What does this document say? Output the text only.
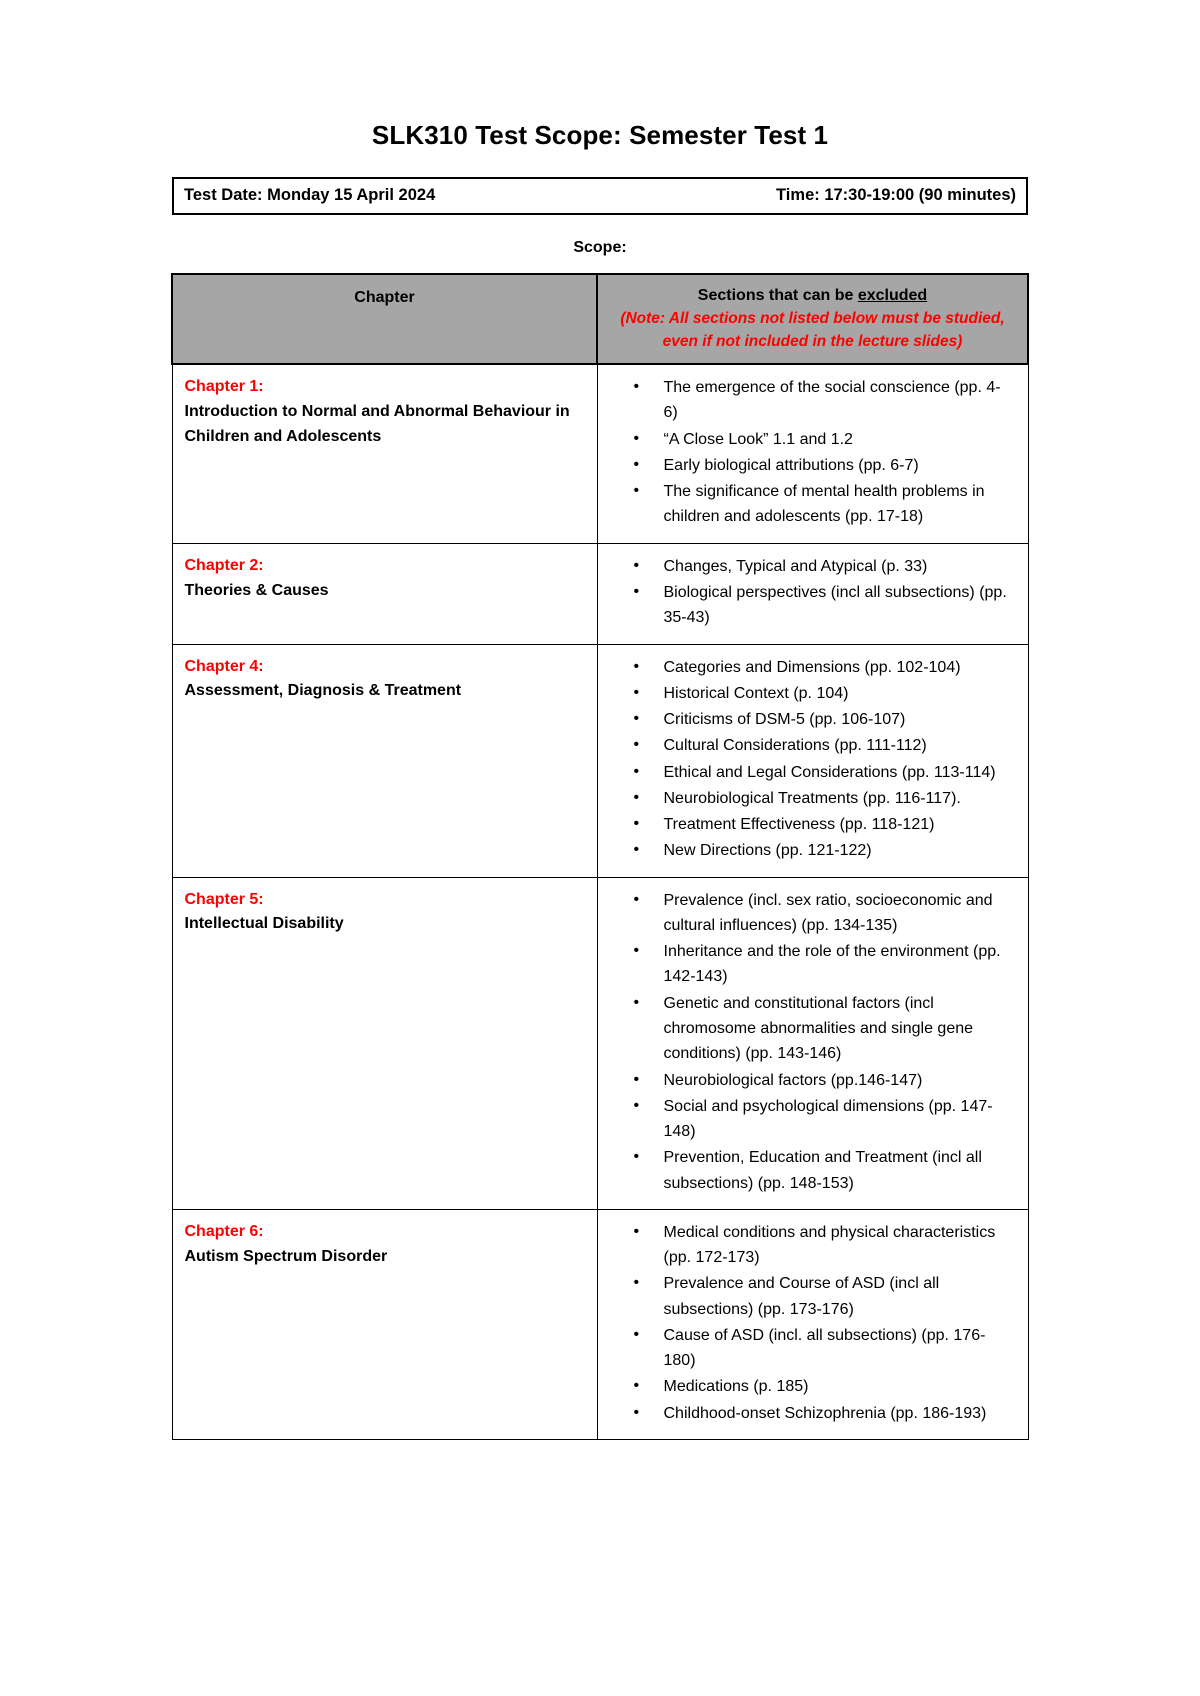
SLK310 Test Scope: Semester Test 1
Test Date: Monday 15 April 2024	Time: 17:30-19:00 (90 minutes)
Scope:
Chapter	Sections that can be excluded
(Note: All sections not listed below must be studied, even if not included in the lecture slides)

Chapter 1:
Introduction to Normal and Abnormal Behaviour in Children and Adolescents

• The emergence of the social conscience (pp. 4-6)
• “A Close Look” 1.1 and 1.2
• Early biological attributions (pp. 6-7)
• The significance of mental health problems in children and adolescents (pp. 17-18)

Chapter 2:
Theories & Causes

• Changes, Typical and Atypical (p. 33)
• Biological perspectives (incl all subsections) (pp. 35-43)

Chapter 4:
Assessment, Diagnosis & Treatment

• Categories and Dimensions (pp. 102-104)
• Historical Context (p. 104)
• Criticisms of DSM-5 (pp. 106-107)
• Cultural Considerations (pp. 111-112)
• Ethical and Legal Considerations (pp. 113-114)
• Neurobiological Treatments (pp. 116-117).
• Treatment Effectiveness (pp. 118-121)
• New Directions (pp. 121-122)

Chapter 5:
Intellectual Disability

• Prevalence (incl. sex ratio, socioeconomic and cultural influences) (pp. 134-135)
• Inheritance and the role of the environment (pp. 142-143)
• Genetic and constitutional factors (incl chromosome abnormalities and single gene conditions) (pp. 143-146)
• Neurobiological factors (pp.146-147)
• Social and psychological dimensions (pp. 147-148)
• Prevention, Education and Treatment (incl all subsections) (pp. 148-153)

Chapter 6:
Autism Spectrum Disorder

• Medical conditions and physical characteristics (pp. 172-173)
• Prevalence and Course of ASD (incl all subsections) (pp. 173-176)
• Cause of ASD (incl. all subsections) (pp. 176-180)
• Medications (p. 185)
• Childhood-onset Schizophrenia (pp. 186-193)
